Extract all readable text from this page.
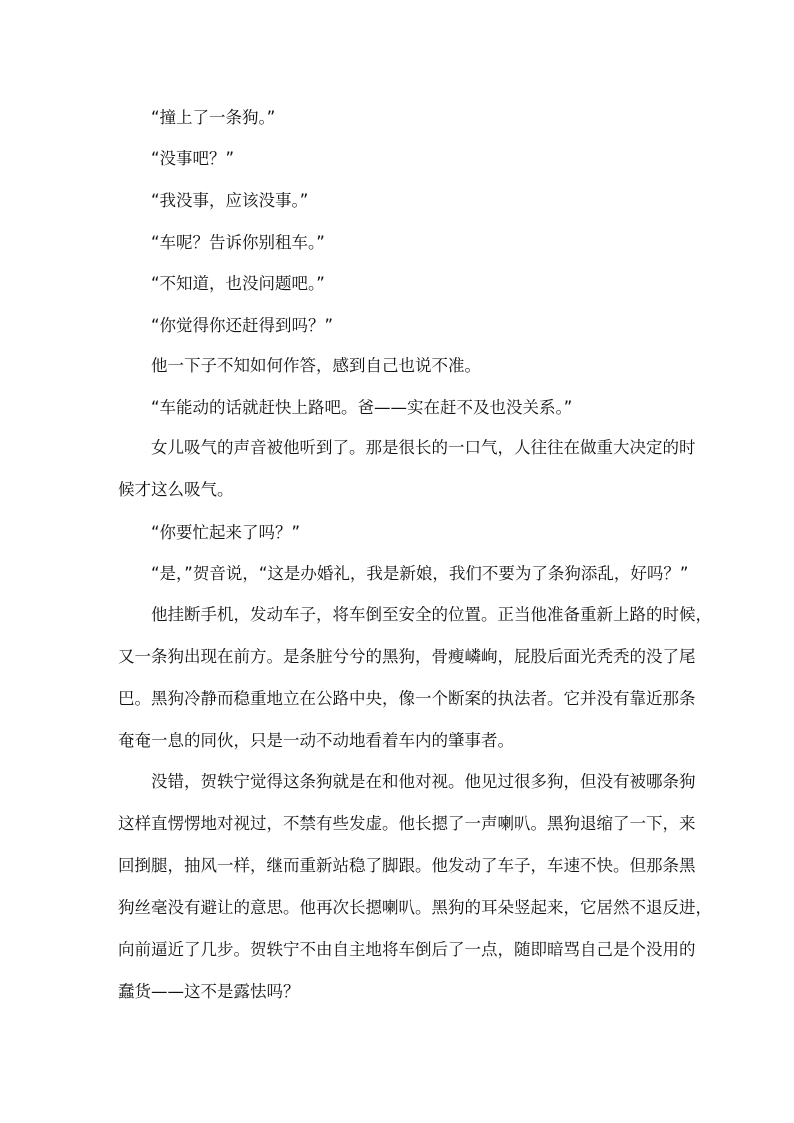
“撞上了一条狗。”
“没事吧？”
“我没事，应该没事。”
“车呢？告诉你别租车。”
“不知道，也没问题吧。”
“你觉得你还赶得到吗？”
他一下子不知如何作答，感到自己也说不准。
“车能动的话就赶快上路吧。爸——实在赶不及也没关系。”
女儿吸气的声音被他听到了。那是很长的一口气，人往往在做重大决定的时
候才这么吸气。
“你要忙起来了吗？”
“是，”贺音说，“这是办婚礼，我是新娘，我们不要为了条狗添乱，好吗？”
他挂断手机，发动车子，将车倒至安全的位置。正当他准备重新上路的时候，
又一条狗出现在前方。是条脏兮兮的黑狗，骨瘦嶙峋，屁股后面光秃秃的没了尾
巴。黑狗冷静而稳重地立在公路中央，像一个断案的执法者。它并没有靠近那条
奄奄一息的同伙，只是一动不动地看着车内的肇事者。
没错，贺轶宁觉得这条狗就是在和他对视。他见过很多狗，但没有被哪条狗
这样直愣愣地对视过，不禁有些发虚。他长摁了一声喇叭。黑狗退缩了一下，来
回捯腿，抽风一样，继而重新站稳了脚跟。他发动了车子，车速不快。但那条黑
狗丝毫没有避让的意思。他再次长摁喇叭。黑狗的耳朵竖起来，它居然不退反进，
向前逼近了几步。贺轶宁不由自主地将车倒后了一点，随即暗骂自己是个没用的
蠢货——这不是露怯吗？
